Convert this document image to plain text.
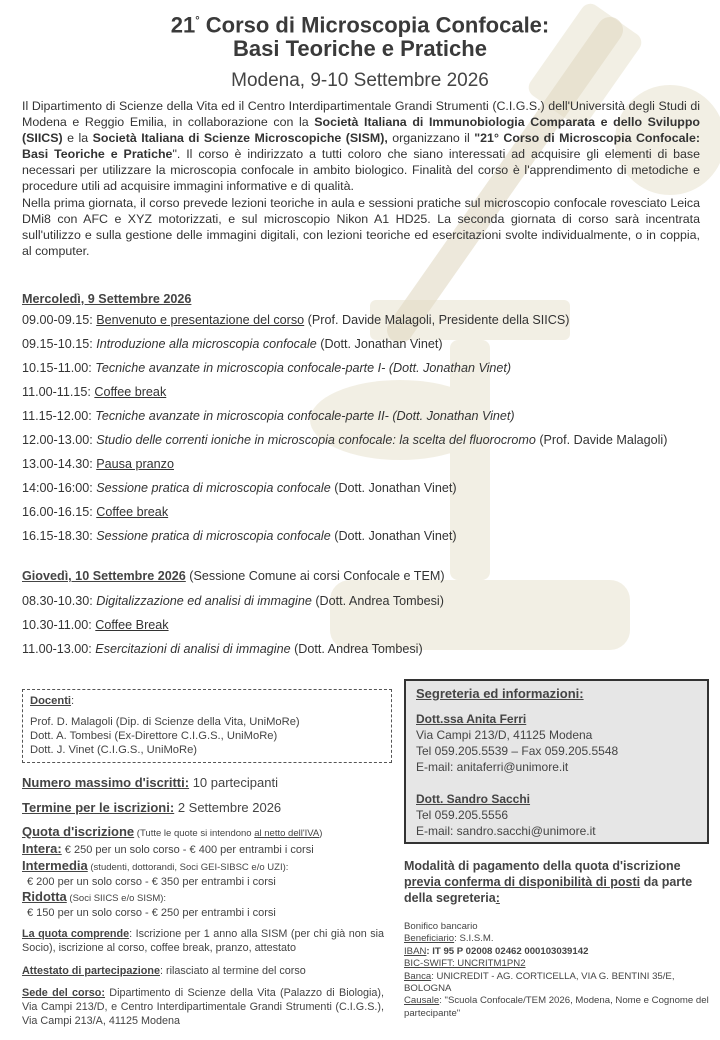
21° Corso di Microscopia Confocale:
Basi Teoriche e Pratiche
Modena, 9-10 Settembre 2026

Il Dipartimento di Scienze della Vita ed il Centro Interdipartimentale Grandi Strumenti (C.I.G.S.) dell'Università degli Studi di Modena e Reggio Emilia, in collaborazione con la Società Italiana di Immunobiologia Comparata e dello Sviluppo (SIICS) e la Società Italiana di Scienze Microscopiche (SISM), organizzano il "21° Corso di Microscopia Confocale: Basi Teoriche e Pratiche". Il corso è indirizzato a tutti coloro che siano interessati ad acquisire gli elementi di base necessari per utilizzare la microscopia confocale in ambito biologico. Finalità del corso è l'apprendimento di metodiche e procedure utili ad acquisire immagini informative e di qualità.

Nella prima giornata, il corso prevede lezioni teoriche in aula e sessioni pratiche sul microscopio confocale rovesciato Leica DMi8 con AFC e XYZ motorizzati, e sul microscopio Nikon A1 HD25. La seconda giornata di corso sarà incentrata sull'utilizzo e sulla gestione delle immagini digitali, con lezioni teoriche ed esercitazioni svolte individualmente, o in coppia, al computer.

Mercoledì, 9 Settembre 2026
09.00-09.15: Benvenuto e presentazione del corso (Prof. Davide Malagoli, Presidente della SIICS)
09.15-10.15: Introduzione alla microscopia confocale (Dott. Jonathan Vinet)
10.15-11.00: Tecniche avanzate in microscopia confocale-parte I- (Dott. Jonathan Vinet)
11.00-11.15: Coffee break
11.15-12.00: Tecniche avanzate in microscopia confocale-parte II- (Dott. Jonathan Vinet)
12.00-13.00: Studio delle correnti ioniche in microscopia confocale: la scelta del fluorocromo (Prof. Davide Malagoli)
13.00-14.30: Pausa pranzo
14:00-16:00: Sessione pratica di microscopia confocale (Dott. Jonathan Vinet)
16.00-16.15: Coffee break
16.15-18.30: Sessione pratica di microscopia confocale (Dott. Jonathan Vinet)
Giovedì, 10 Settembre 2026 (Sessione Comune ai corsi Confocale e TEM)
08.30-10.30: Digitalizzazione ed analisi di immagine (Dott. Andrea Tombesi)
10.30-11.00: Coffee Break
11.00-13.00: Esercitazioni di analisi di immagine (Dott. Andrea Tombesi)
Docenti:
Prof. D. Malagoli (Dip. di Scienze della Vita, UniMoRe)
Dott. A. Tombesi (Ex-Direttore C.I.G.S., UniMoRe)
Dott. J. Vinet (C.I.G.S., UniMoRe)
Segreteria ed informazioni:
Dott.ssa Anita Ferri
Via Campi 213/D, 41125 Modena
Tel 059.205.5539 – Fax 059.205.5548
E-mail: anitaferri@unimore.it
Dott. Sandro Sacchi
Tel 059.205.5556
E-mail: sandro.sacchi@unimore.it
Numero massimo d'iscritti: 10 partecipanti
Termine per le iscrizioni: 2 Settembre 2026
Quota d'iscrizione (Tutte le quote si intendono al netto dell'IVA)
Intera: € 250 per un solo corso - € 400 per entrambi i corsi
Intermedia (studenti, dottorandi, Soci GEI-SIBSC e/o UZI):
€ 200 per un solo corso - € 350 per entrambi i corsi
Ridotta (Soci SIICS e/o SISM):
€ 150 per un solo corso - € 250 per entrambi i corsi
La quota comprende: Iscrizione per 1 anno alla SISM (per chi già non sia Socio), iscrizione al corso, coffee break, pranzo, attestato
Attestato di partecipazione: rilasciato al termine del corso
Sede del corso: Dipartimento di Scienze della Vita (Palazzo di Biologia), Via Campi 213/D, e Centro Interdipartimentale Grandi Strumenti (C.I.G.S.), Via Campi 213/A, 41125 Modena
Modalità di pagamento della quota d'iscrizione previa conferma di disponibilità di posti da parte della segreteria:
Bonifico bancario
Beneficiario: S.I.S.M.
IBAN: IT 95 P 02008 02462 000103039142
BIC-SWIFT: UNCRITM1PN2
Banca: UNICREDIT - AG. CORTICELLA, VIA G. BENTINI 35/E, BOLOGNA
Causale: "Scuola Confocale/TEM 2026, Modena, Nome e Cognome del partecipante"
